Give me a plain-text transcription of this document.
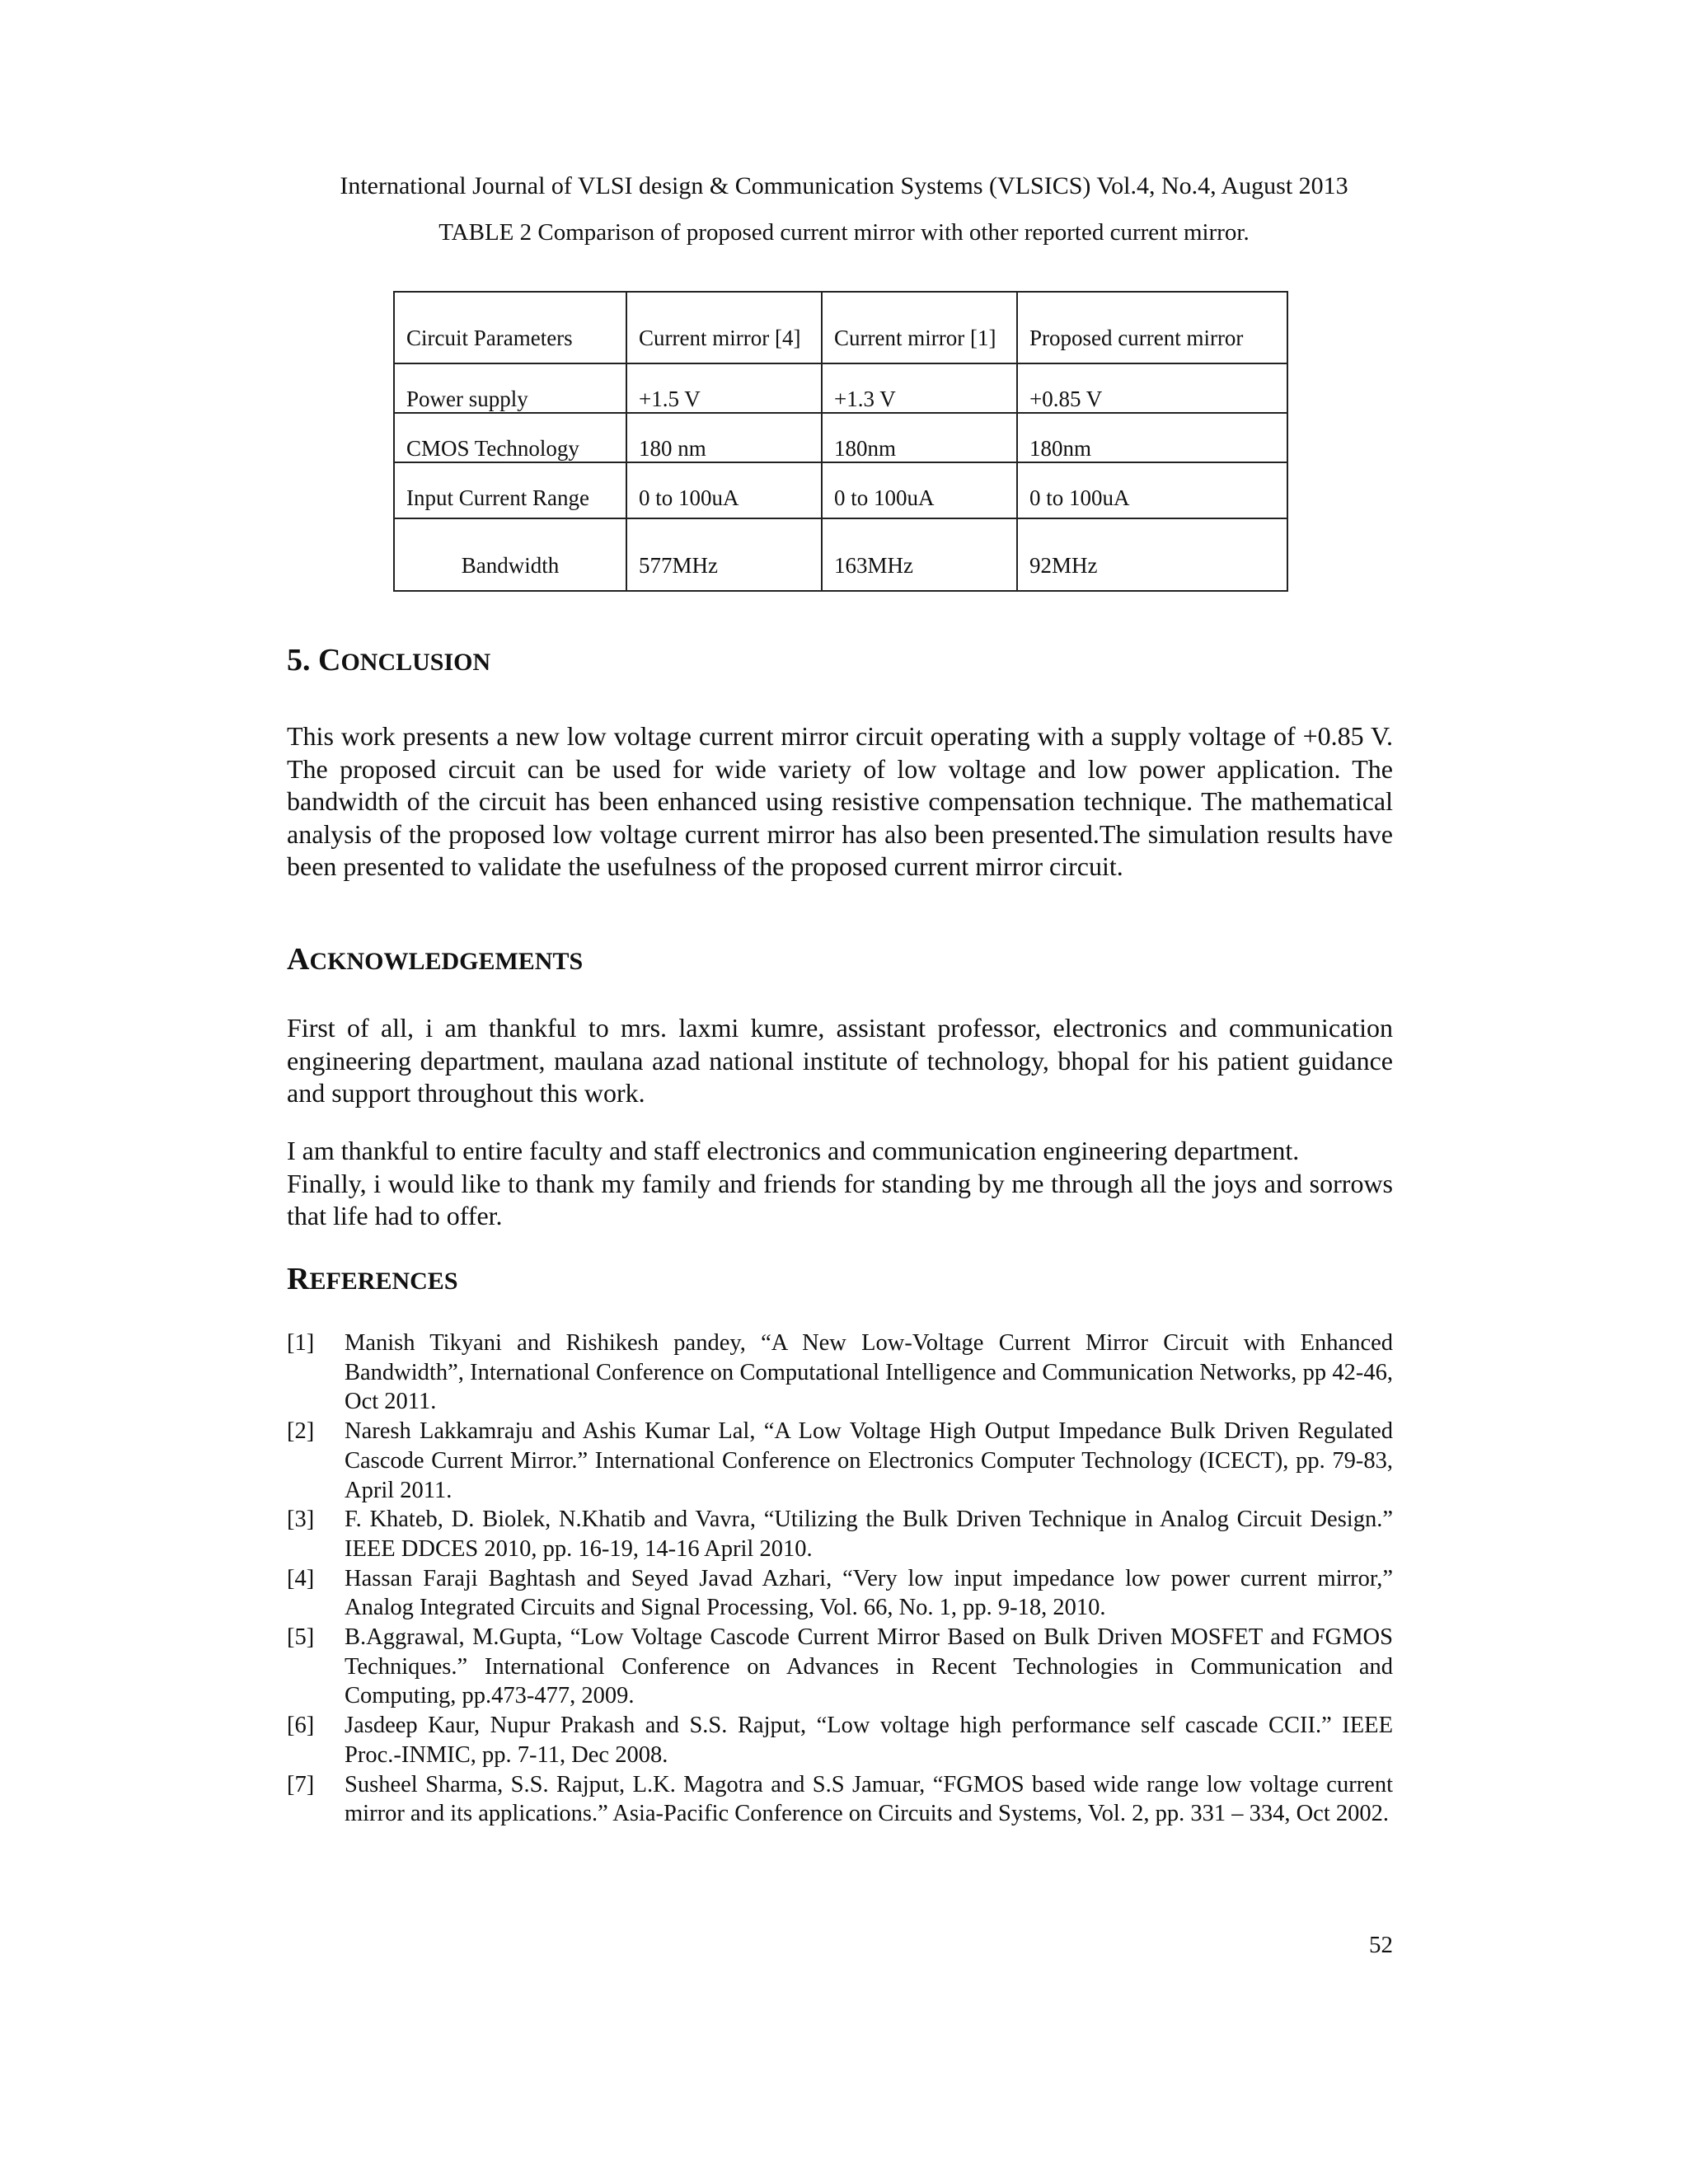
International Journal of VLSI design & Communication Systems (VLSICS) Vol.4, No.4, August 2013
TABLE 2 Comparison of proposed current mirror with other reported current mirror.
Circuit Parameters	Current mirror [4]	Current mirror [1]	Proposed current mirror
Power supply	+1.5 V	+1.3 V	+0.85 V
CMOS Technology	180 nm	180nm	180nm
Input Current Range	0 to 100uA	0 to 100uA	0 to 100uA
Bandwidth	577MHz	163MHz	92MHz
5. CONCLUSION

This work presents a new low voltage current mirror circuit operating with a supply voltage of +0.85 V. The proposed circuit can be used for wide variety of low voltage and low power application. The bandwidth of the circuit has been enhanced using resistive compensation technique. The mathematical analysis of the proposed low voltage current mirror has also been presented.The simulation results have been presented to validate the usefulness of the proposed current mirror circuit.

ACKNOWLEDGEMENTS

First of all, i am thankful to mrs. laxmi kumre, assistant professor, electronics and communication engineering department, maulana azad national institute of technology, bhopal for his patient guidance and support throughout this work.

I am thankful to entire faculty and staff electronics and communication engineering department.
Finally, i would like to thank my family and friends for standing by me through all the joys and sorrows that life had to offer.
REFERENCES
[1]	Manish Tikyani and Rishikesh pandey, “A New Low-Voltage Current Mirror Circuit with Enhanced Bandwidth”, International Conference on Computational Intelligence and Communication Networks, pp 42-46, Oct 2011.
[2]	Naresh Lakkamraju and Ashis Kumar Lal, “A Low Voltage High Output Impedance Bulk Driven Regulated Cascode Current Mirror.” International Conference on Electronics Computer Technology (ICECT), pp. 79-83, April 2011.
[3]	F. Khateb, D. Biolek, N.Khatib and Vavra, “Utilizing the Bulk Driven Technique in Analog Circuit Design.” IEEE DDCES 2010, pp. 16-19, 14-16 April 2010.
[4]	Hassan Faraji Baghtash and Seyed Javad Azhari, “Very low input impedance low power current mirror,” Analog Integrated Circuits and Signal Processing, Vol. 66, No. 1, pp. 9-18, 2010.
[5]	B.Aggrawal, M.Gupta, “Low Voltage Cascode Current Mirror Based on Bulk Driven MOSFET and FGMOS Techniques.” International Conference on Advances in Recent Technologies in Communication and Computing, pp.473-477, 2009.
[6]	Jasdeep Kaur, Nupur Prakash and S.S. Rajput, “Low voltage high performance self cascade CCII.” IEEE Proc.-INMIC, pp. 7-11, Dec 2008.
[7]	Susheel Sharma, S.S. Rajput, L.K. Magotra and S.S Jamuar, “FGMOS based wide range low voltage current mirror and its applications.” Asia-Pacific Conference on Circuits and Systems, Vol. 2, pp. 331 – 334, Oct 2002.
52
